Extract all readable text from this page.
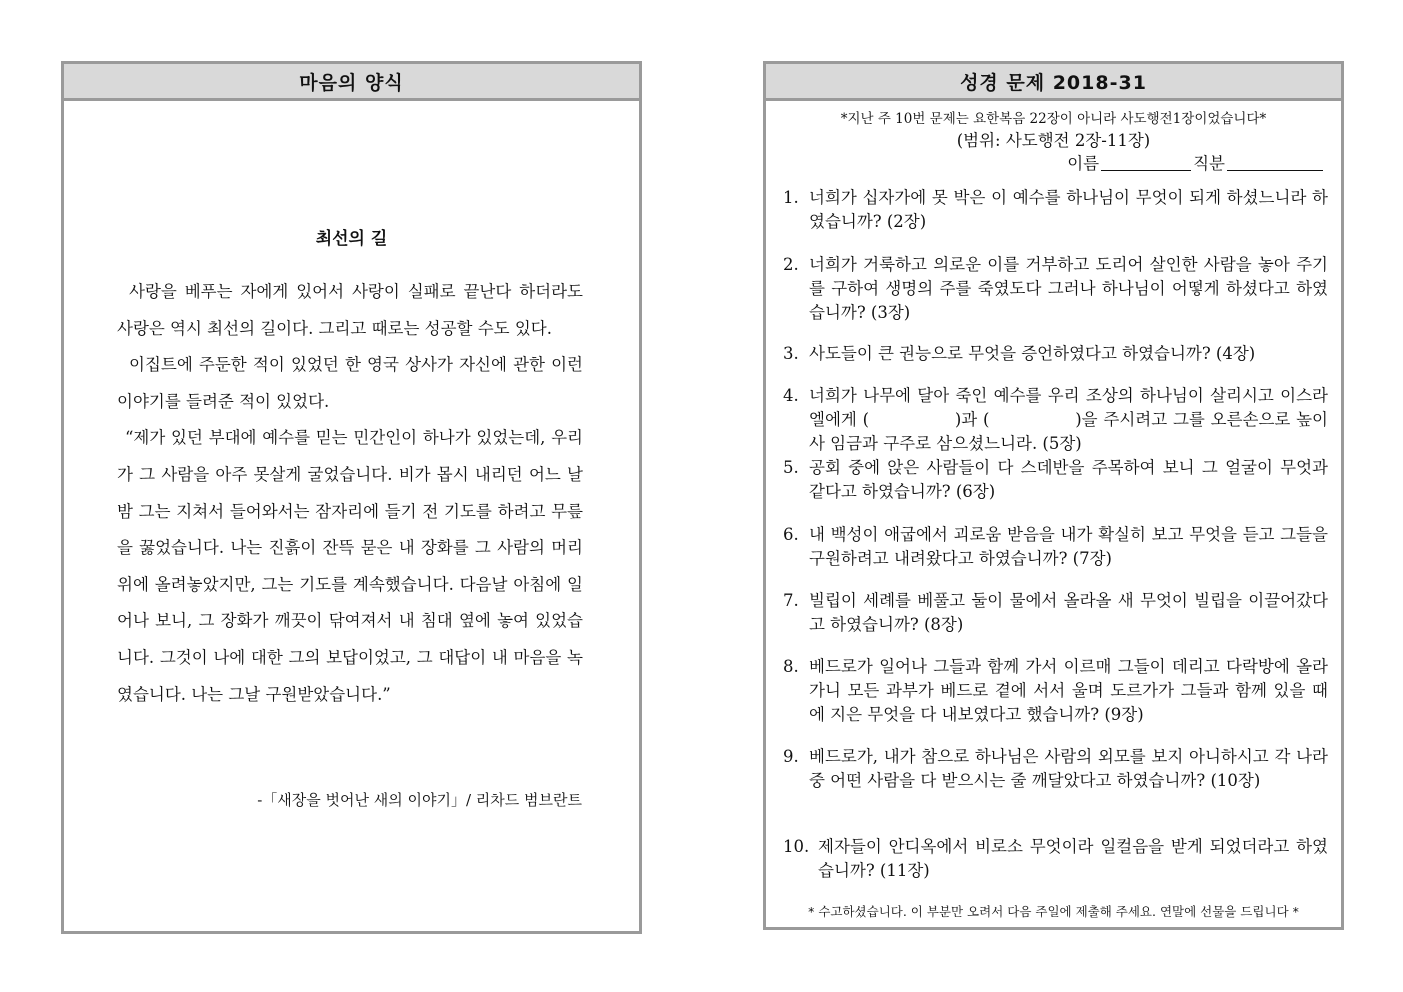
마음의 양식
최선의 길

사랑을 베푸는 자에게 있어서 사랑이 실패로 끝난다 하더라도 사랑은 역시 최선의 길이다. 그리고 때로는 성공할 수도 있다.

이집트에 주둔한 적이 있었던 한 영국 상사가 자신에 관한 이런 이야기를 들려준 적이 있었다.

“제가 있던 부대에 예수를 믿는 민간인이 하나가 있었는데, 우리가 그 사람을 아주 못살게 굴었습니다. 비가 몹시 내리던 어느 날 밤 그는 지쳐서 들어와서는 잠자리에 들기 전 기도를 하려고 무릎을 꿇었습니다. 나는 진흙이 잔뜩 묻은 내 장화를 그 사람의 머리 위에 올려놓았지만, 그는 기도를 계속했습니다. 다음날 아침에 일어나 보니, 그 장화가 깨끗이 닦여져서 내 침대 옆에 놓여 있었습니다. 그것이 나에 대한 그의 보답이었고, 그 대답이 내 마음을 녹였습니다. 나는 그날 구원받았습니다.”

-「새장을 벗어난 새의 이야기」/ 리차드 범브란트
성경 문제 2018-31
*지난 주 10번 문제는 요한복음 22장이 아니라 사도행전1장이었습니다*
(범위: 사도행전 2장-11장)
이름	직분
1. 너희가 십자가에 못 박은 이 예수를 하나님이 무엇이 되게 하셨느니라 하였습니까? (2장)
2. 너희가 거룩하고 의로운 이를 거부하고 도리어 살인한 사람을 놓아 주기를 구하여 생명의 주를 죽였도다 그러나 하나님이 어떻게 하셨다고 하였습니까? (3장)
3. 사도들이 큰 권능으로 무엇을 증언하였다고 하였습니까? (4장)
4. 너희가 나무에 달아 죽인 예수를 우리 조상의 하나님이 살리시고 이스라엘에게 (　　　　　)과 (　　　　　)을 주시려고 그를 오른손으로 높이사 임금과 구주로 삼으셨느니라. (5장)
5. 공회 중에 앉은 사람들이 다 스데반을 주목하여 보니 그 얼굴이 무엇과 같다고 하였습니까? (6장)
6. 내 백성이 애굽에서 괴로움 받음을 내가 확실히 보고 무엇을 듣고 그들을 구원하려고 내려왔다고 하였습니까? (7장)
7. 빌립이 세례를 베풀고 둘이 물에서 올라올 새 무엇이 빌립을 이끌어갔다고 하였습니까? (8장)
8. 베드로가 일어나 그들과 함께 가서 이르매 그들이 데리고 다락방에 올라가니 모든 과부가 베드로 곁에 서서 울며 도르가가 그들과 함께 있을 때에 지은 무엇을 다 내보였다고 했습니까? (9장)
9. 베드로가, 내가 참으로 하나님은 사람의 외모를 보지 아니하시고 각 나라 중 어떤 사람을 다 받으시는 줄 깨달았다고 하였습니까? (10장)
10. 제자들이 안디옥에서 비로소 무엇이라 일컬음을 받게 되었더라고 하였습니까? (11장)
* 수고하셨습니다. 이 부분만 오려서 다음 주일에 제출해 주세요. 연말에 선물을 드립니다 *
